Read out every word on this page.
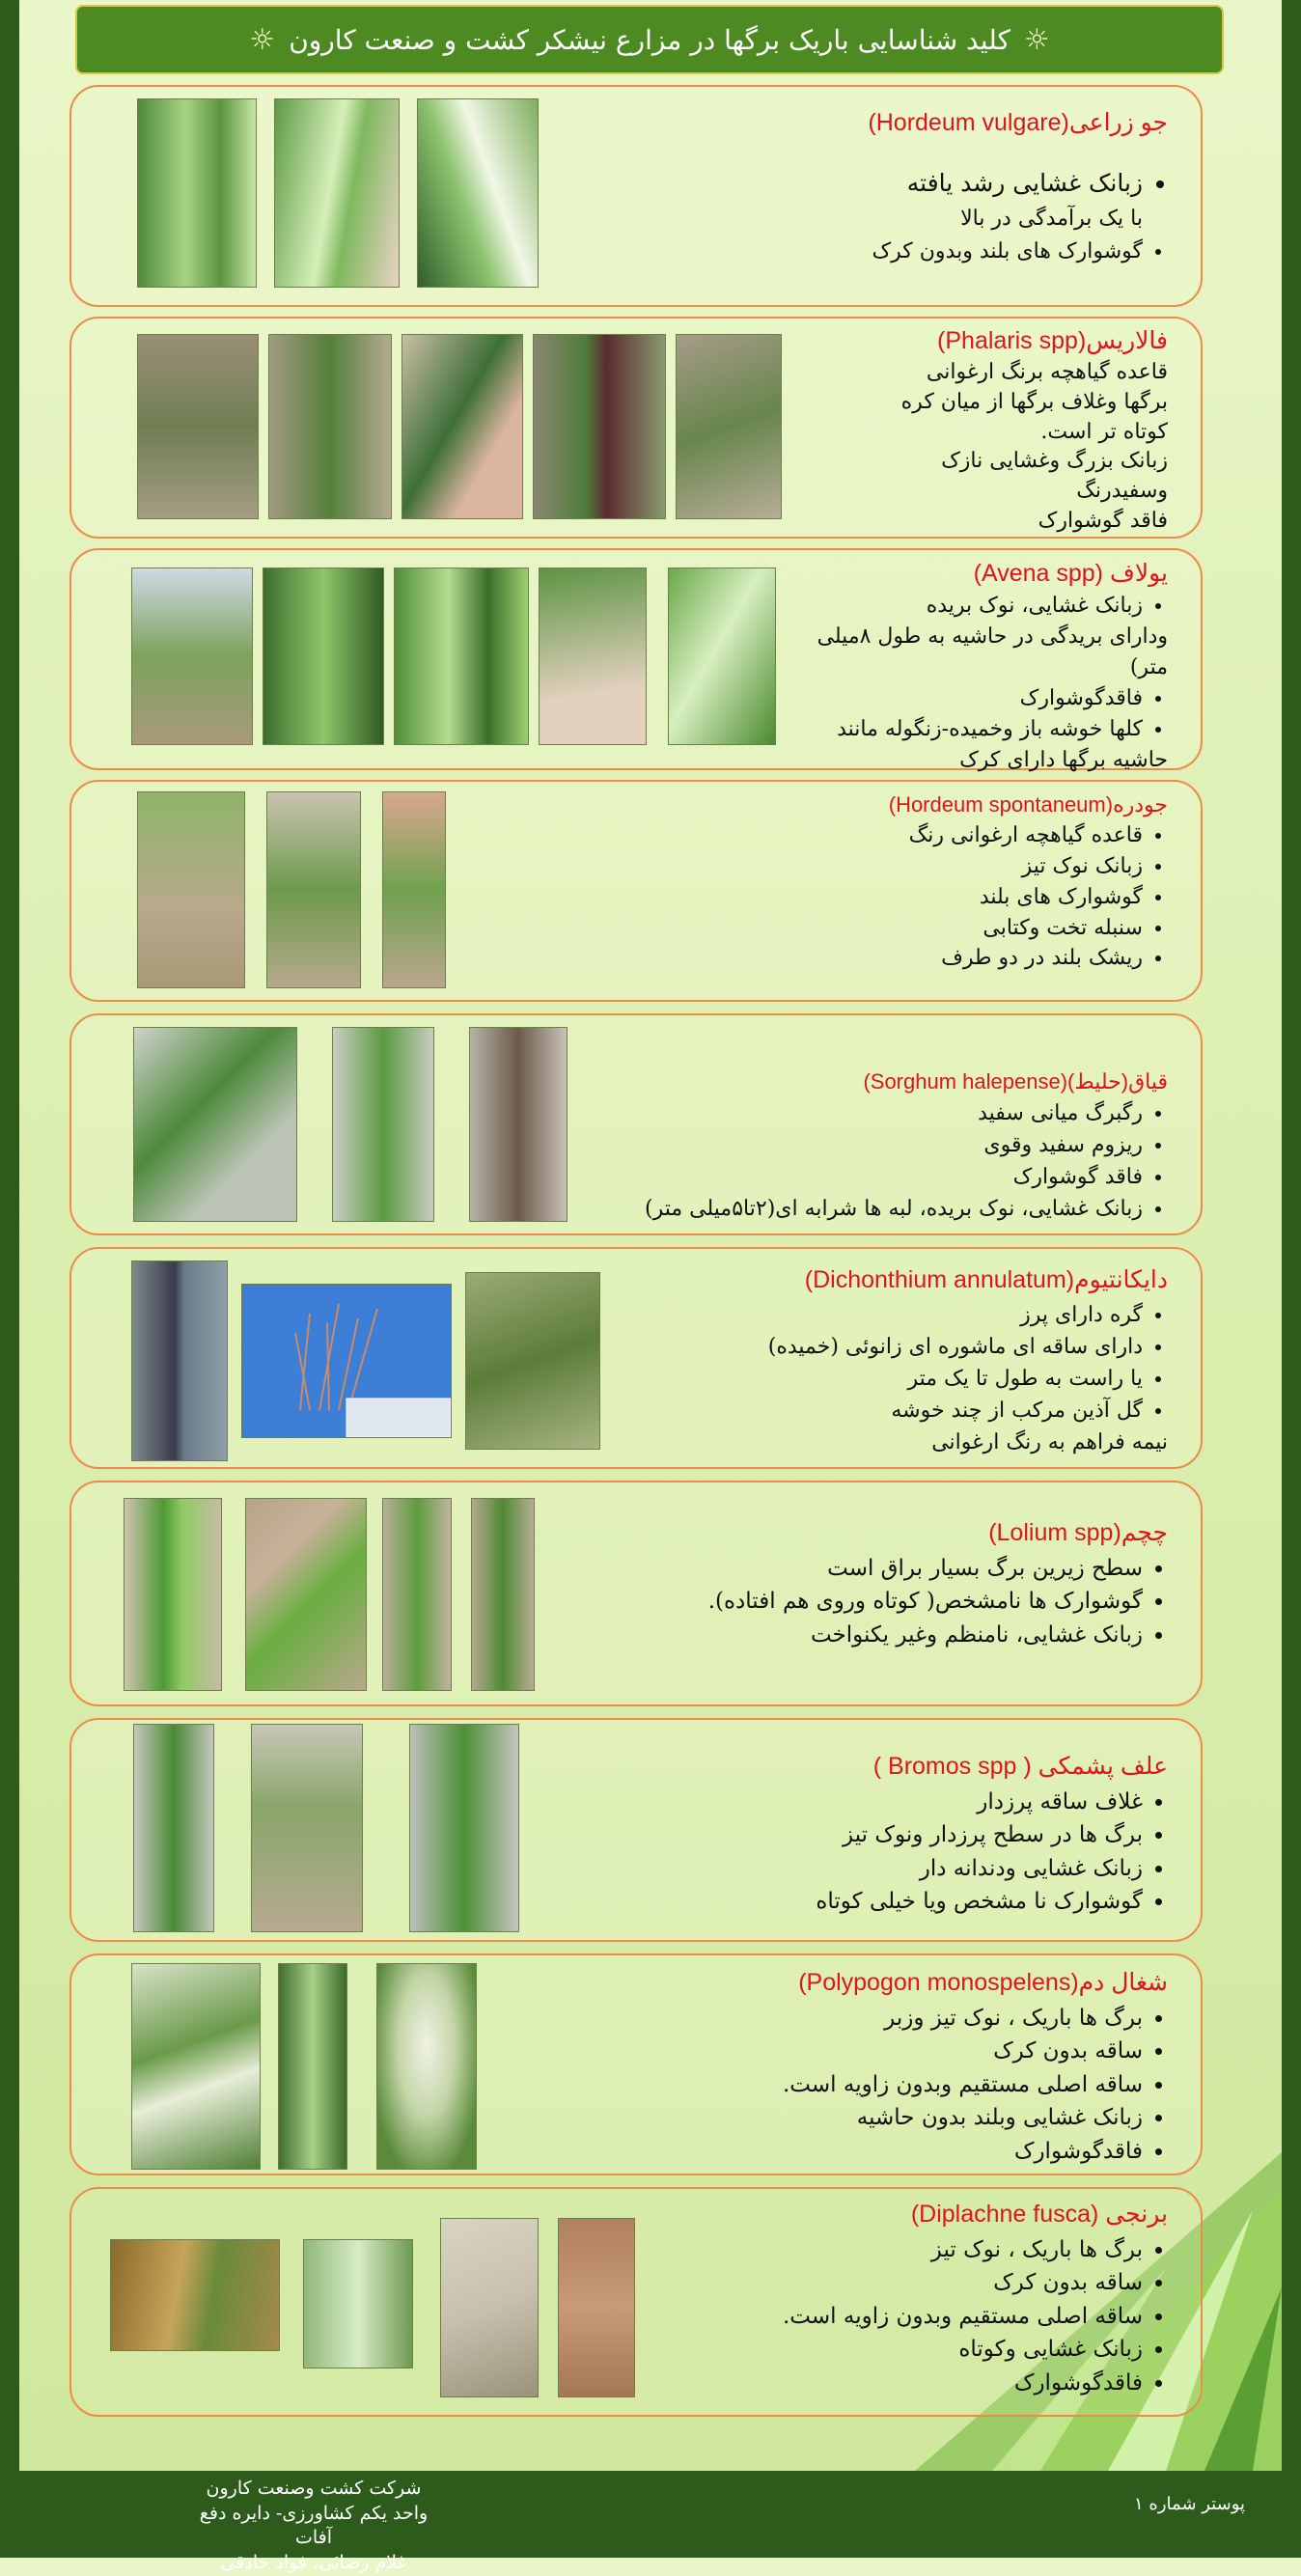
☼ کلید شناسایی باریک برگها در مزارع نیشکر کشت و صنعت کارون ☼
جو زراعی(Hordeum vulgare)
• زبانک غشایی رشد یافته
با یک برآمدگی در بالا
• گوشوارک های بلند وبدون کرک
فالاریس(Phalaris spp)
قاعده گیاهچه برنگ ارغوانی
برگها وغلاف برگها از میان کره
کوتاه تر است.
زبانک بزرگ وغشایی نازک
وسفیدرنگ
فاقد گوشوارک
یولاف (Avena spp)
• زبانک غشایی، نوک بریده
ودارای بریدگی در حاشیه به طول ۸میلی
متر)
• فاقدگوشوارک
• کلها خوشه باز وخمیده-زنگوله مانند
حاشیه برگها دارای کرک
جودره(Hordeum spontaneum)
• قاعده گیاهچه ارغوانی رنگ
• زبانک نوک تیز
• گوشوارک های بلند
• سنبله تخت وکتابی
• ریشک بلند در دو طرف
قیاق(حلیط)(Sorghum halepense)
• رگبرگ میانی سفید
• ریزوم سفید وقوی
• فاقد گوشوارک
• زبانک غشایی، نوک بریده، لبه ها شرابه ای(۲تا۵میلی متر)
دایکانتیوم(Dichonthium annulatum)
• گره دارای پرز
• دارای ساقه ای ماشوره ای زانوئی (خمیده)
• یا راست به طول تا یک متر
• گل آذین مرکب از چند خوشه
نیمه فراهم به رنگ ارغوانی
چچم(Lolium spp)
• سطح زیرین برگ بسیار براق است
• گوشوارک ها نامشخص( کوتاه وروی هم افتاده).
• زبانک غشایی، نامنظم وغیر یکنواخت
علف پشمکی ( Bromos spp )
• غلاف ساقه پرزدار
• برگ ها در سطح پرزدار ونوک تیز
• زبانک غشایی ودندانه دار
• گوشوارک نا مشخص ویا خیلی کوتاه
شغال دم(Polypogon monospelens)
• برگ ها باریک ، نوک تیز وزبر
• ساقه بدون کرک
• ساقه اصلی مستقیم وبدون زاویه است.
• زبانک غشایی وبلند بدون حاشیه
• فاقدگوشوارک
برنجی (Diplachne fusca)
• برگ ها باریک ، نوک تیز
• ساقه بدون کرک
• ساقه اصلی مستقیم وبدون زاویه است.
• زبانک غشایی وکوتاه
• فاقدگوشوارک
شرکت کشت وصنعت کارون
واحد یکم کشاورزی- دایره دفع آفات
غلام رضائی، فواد حاذقی
پوستر شماره ۱
